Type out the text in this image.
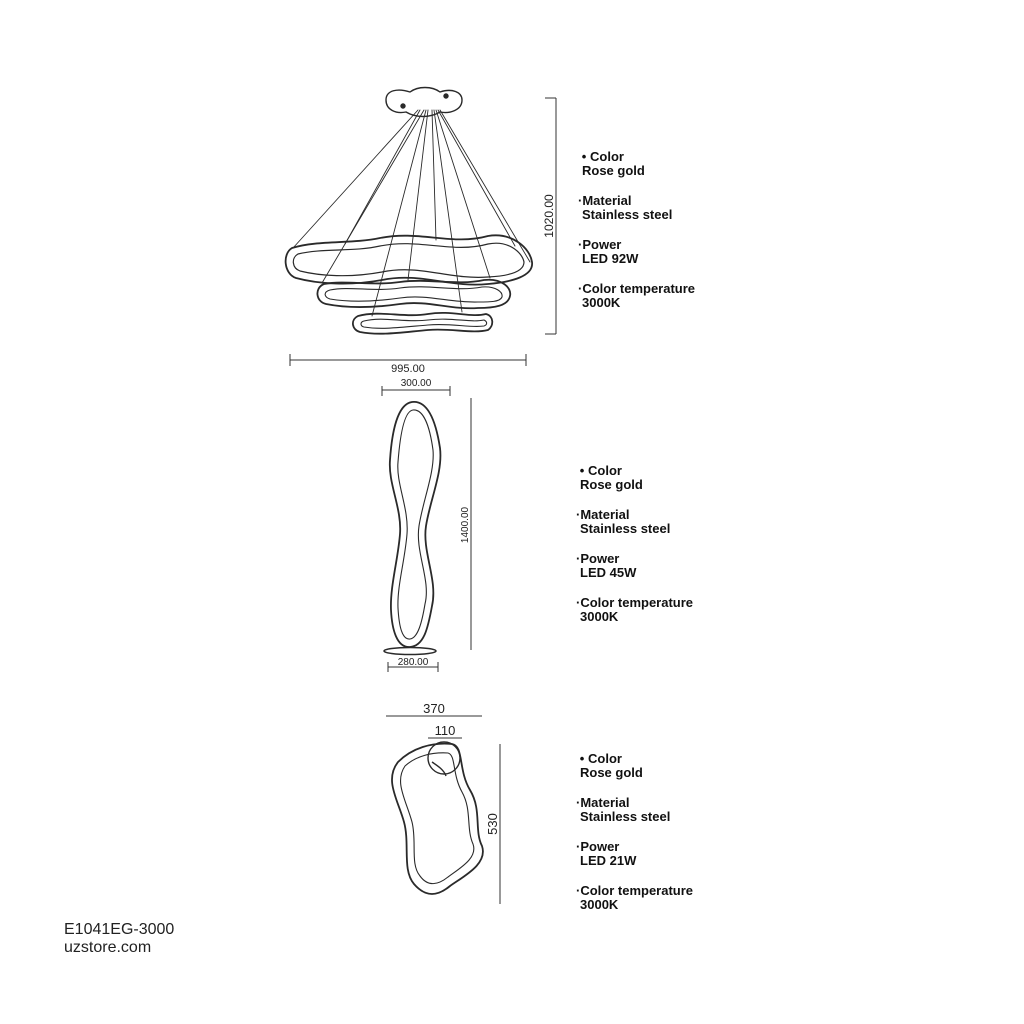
1020.00
995.00
300.00
1400.00
280.00
370
110
530
• Color
Rose gold
·Material
Stainless steel
·Power
LED 92W
·Color temperature
3000K
• Color
Rose gold
·Material
Stainless steel
·Power
LED 45W
·Color temperature
3000K
• Color
Rose gold
·Material
Stainless steel
·Power
LED 21W
·Color temperature
3000K
E1041EG-3000
uzstore.com
